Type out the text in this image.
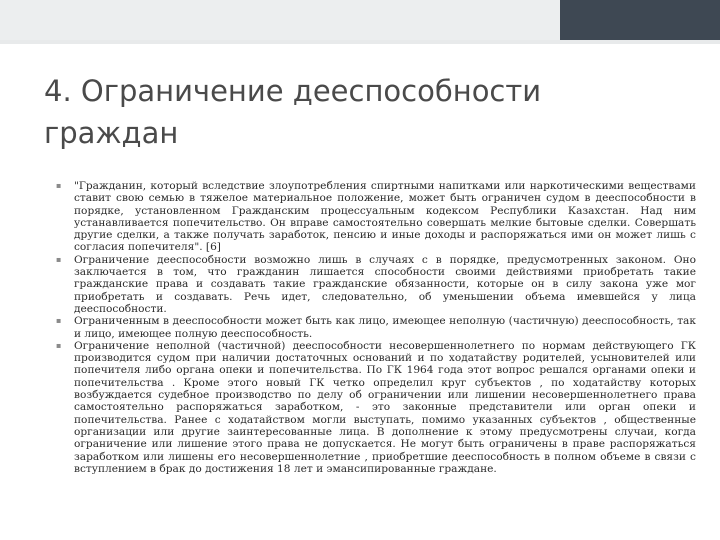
4. Ограничение дееспособности граждан
▪ "Гражданин, который вследствие злоупотребления спиртными напитками или наркотическими веществами ставит свою семью в тяжелое материальное положение, может быть ограничен судом в дееспособности в порядке, установленном Гражданским процессуальным кодексом Республики Казахстан. Над ним устанавливается попечительство. Он вправе самостоятельно совершать мелкие бытовые сделки. Совершать другие сделки, а также получать заработок, пенсию и иные доходы и распоряжаться ими он может лишь с согласия попечителя". [6]
▪ Ограничение дееспособности возможно лишь в случаях с в порядке, предусмотренных законом. Оно заключается в том, что гражданин лишается способности своими действиями приобретать такие гражданские права и создавать такие гражданские обязанности, которые он в силу закона уже мог приобретать и создавать. Речь идет, следовательно, об уменьшении объема имевшейся у лица дееспособности.
▪ Ограниченным в дееспособности может быть как лицо, имеющее неполную (частичную) дееспособность, так и лицо, имеющее полную дееспособность.
▪ Ограничение неполной (частичной) дееспособности несовершеннолетнего по нормам действующего ГК производится судом при наличии достаточных оснований и по ходатайству родителей, усыновителей или попечителя либо органа опеки и попечительства. По ГК 1964 года этот вопрос решался органами опеки и попечительства . Кроме этого новый ГК четко определил круг субъектов , по ходатайству которых возбуждается судебное производство по делу об ограничении или лишении несовершеннолетнего права самостоятельно распоряжаться заработком, - это законные представители или орган опеки и попечительства. Ранее с ходатайством могли выступать, помимо указанных субъектов , общественные организации или другие заинтересованные лица. В дополнение к этому предусмотрены случаи, когда ограничение или лишение этого права не допускается. Не могут быть ограничены в праве распоряжаться заработком или лишены его несовершеннолетние , приобретшие дееспособность в полном объеме в связи с вступлением в брак до достижения 18 лет и эмансипированные граждане.
